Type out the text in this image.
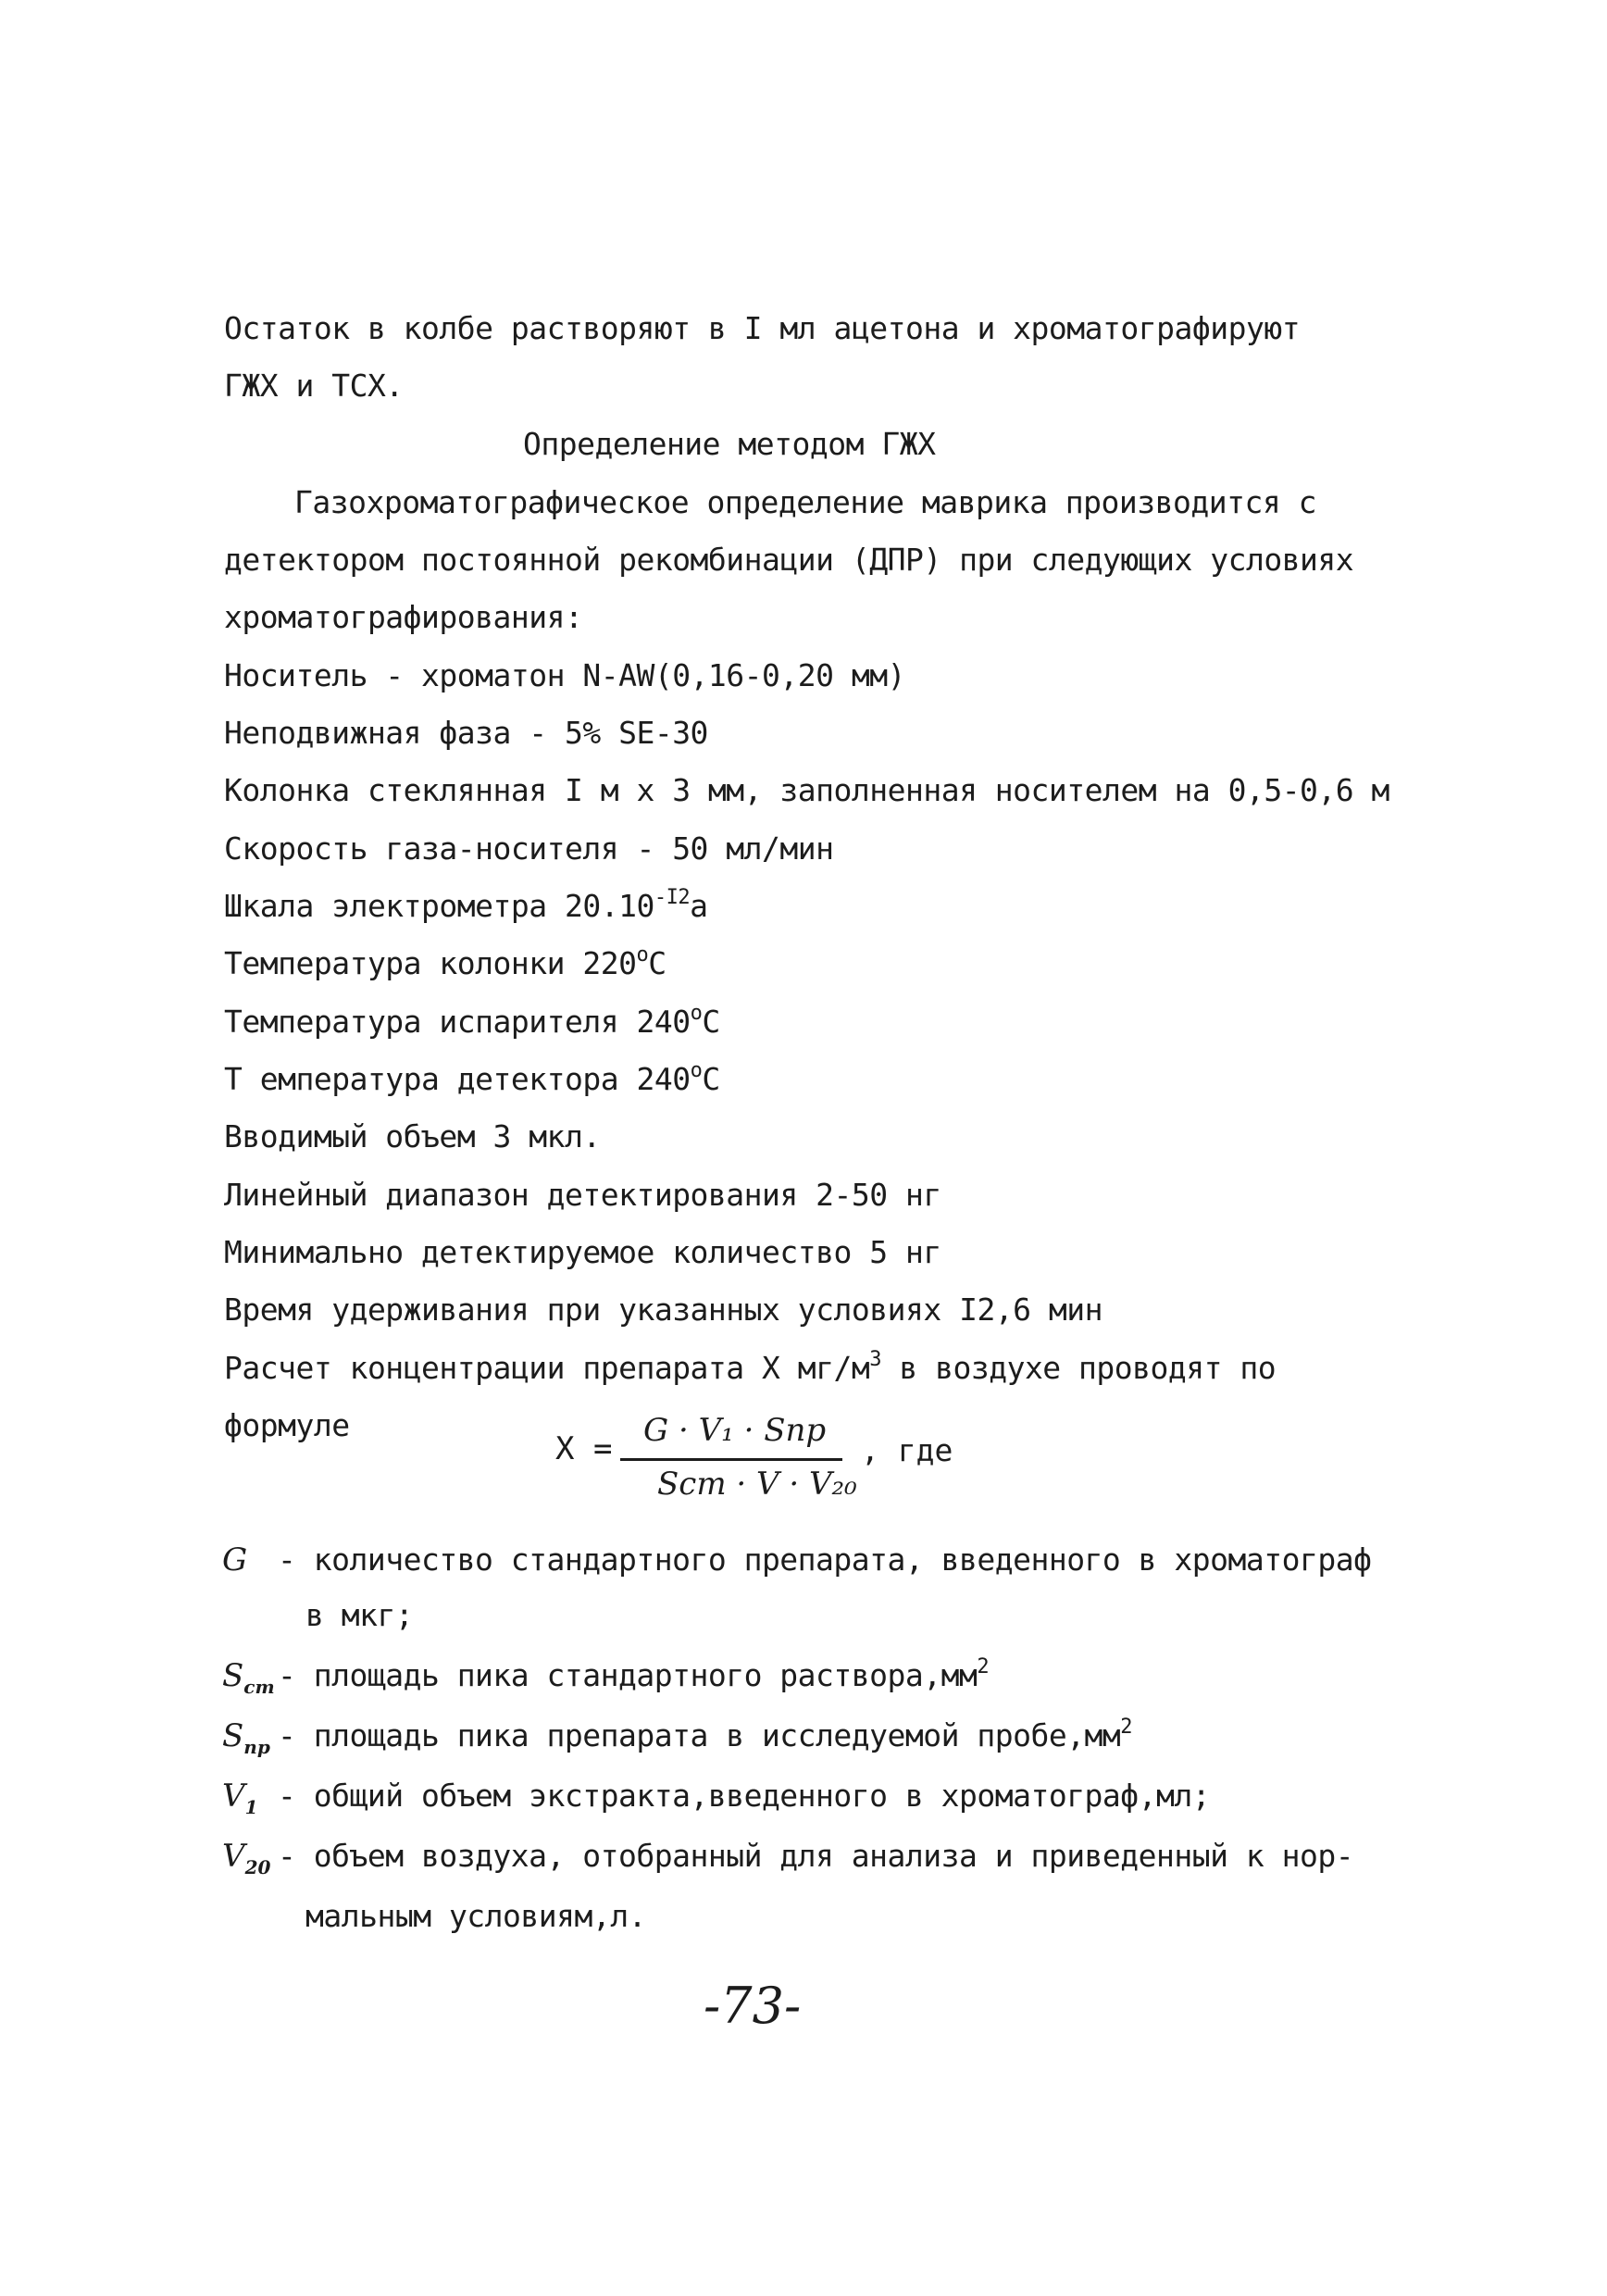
Остаток в колбе растворяют в I мл ацетона и хроматографируют
ГЖХ и ТСХ.
Определение методом ГЖХ
Газохроматографическое определение маврика производится с
детектором постоянной рекомбинации (ДПР) при следующих условиях
хроматографирования:
Носитель - хроматон N-AW(0,16-0,20 мм)
Неподвижная фаза - 5% SE-30
Колонка стеклянная I м х 3 мм, заполненная носителем на 0,5-0,6 м
Скорость газа-носителя - 50 мл/мин
Шкала электрометра $20.10^{-I2}a$
Температура колонки 220$^o$C
Температура испарителя 240$^o$C
Т емпература детектора 240$^o$C
Вводимый объем 3 мкл.
Линейный диапазон детектирования 2-50 нг
Минимально детектируемое количество 5 нг
Время удерживания при указанных условиях I2,6 мин
Расчет концентрации препарата Х $мг/м^3$ в воздухе проводят по
формуле
Х = G · V₁ · Sпр
Sст · V · V₂₀
, где
G - количество стандартного препарата, введенного в хроматограф
в мкг;
$S_{ст}$ - площадь пика стандартного $раствора,мм^2$
$S_{пр}$ - площадь пика препарата в исследуемой $пробе,мм^2$
$V_1$ - общий объем экстракта,введенного в хроматограф,мл;
$V_{20}$ - объем воздуха, отобранный для анализа и приведенный к нор-
мальным условиям,л.
-73-
